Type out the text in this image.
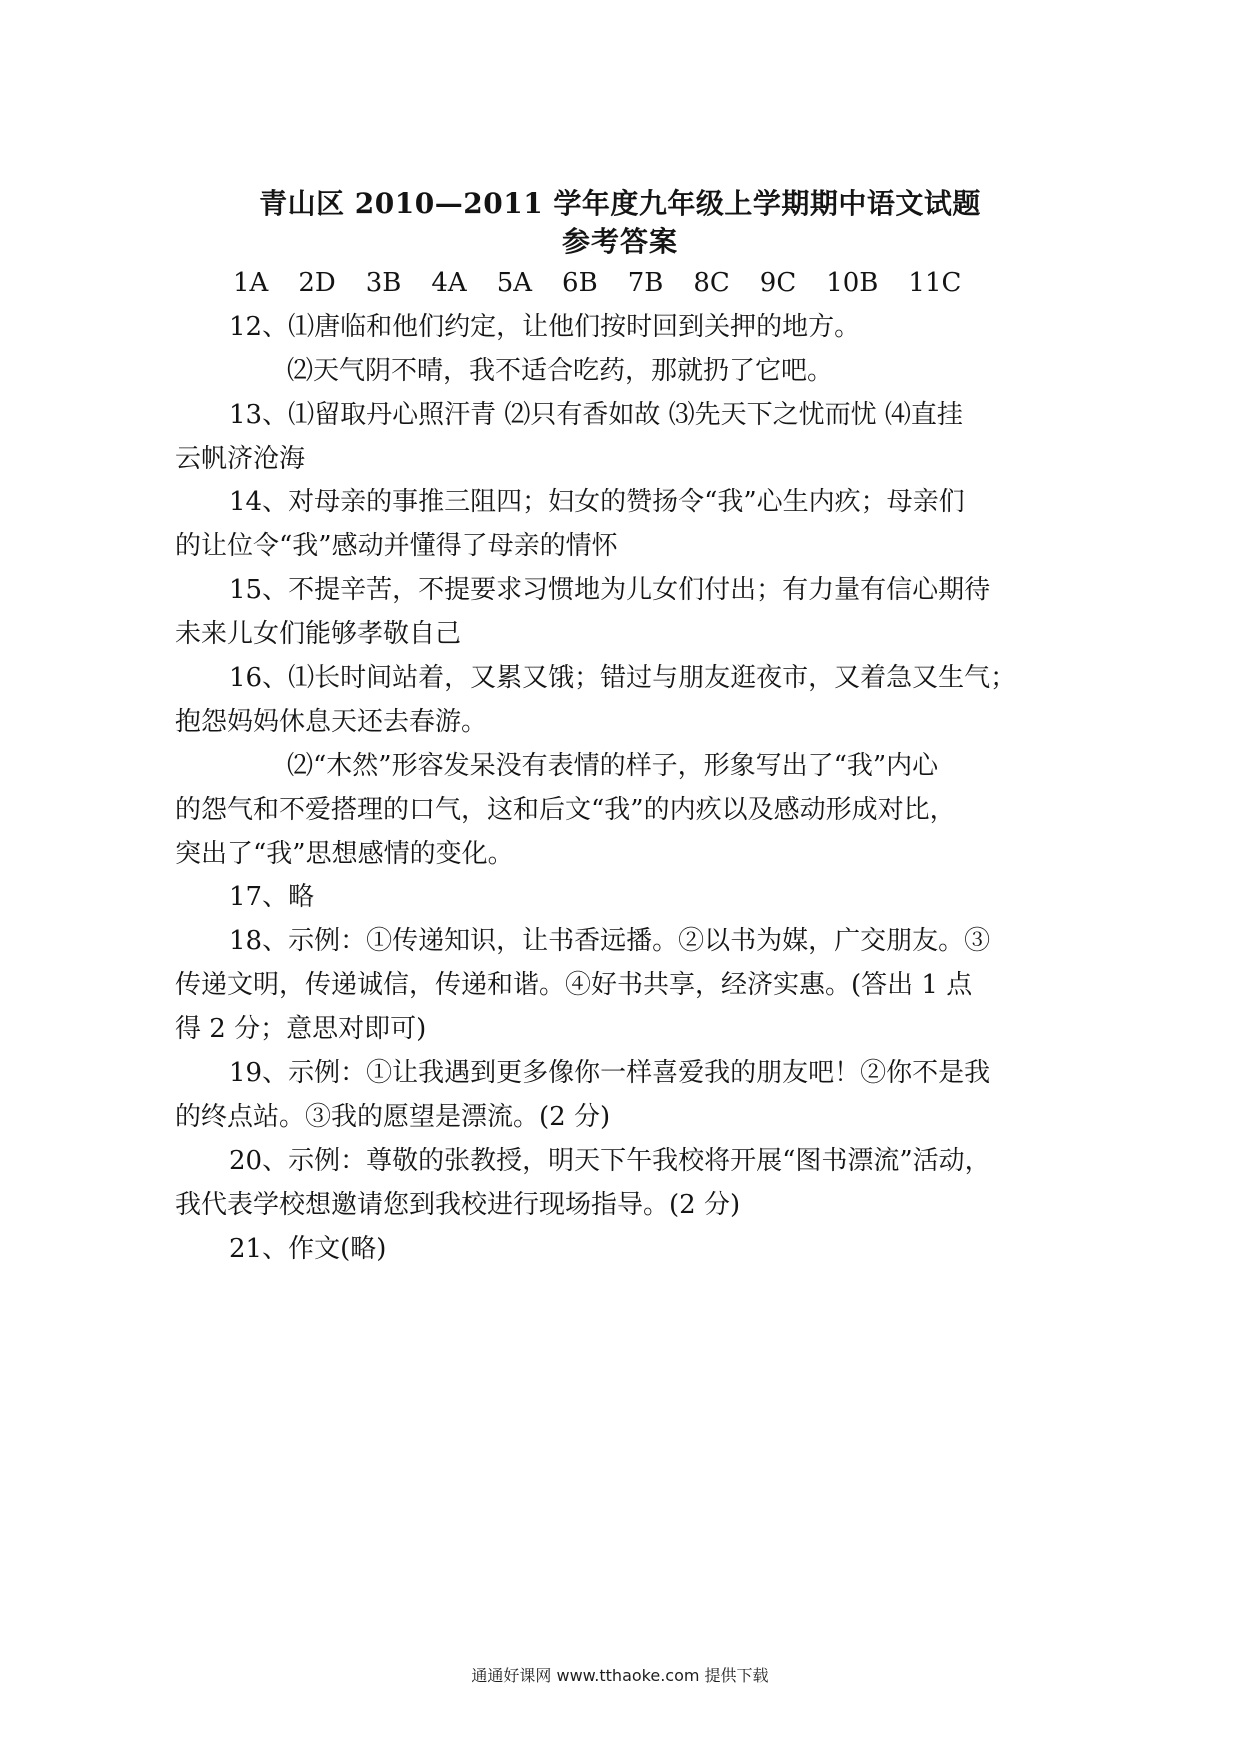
青山区 2010—2011 学年度九年级上学期期中语文试题
参考答案
1A 2D 3B 4A 5A 6B 7B 8C 9C 10B 11C
12、⑴唐临和他们约定，让他们按时回到关押的地方。
⑵天气阴不晴，我不适合吃药，那就扔了它吧。
13、⑴留取丹心照汗青 ⑵只有香如故 ⑶先天下之忧而忧 ⑷直挂
云帆济沧海
14、对母亲的事推三阻四；妇女的赞扬令“我”心生内疚；母亲们
的让位令“我”感动并懂得了母亲的情怀
15、不提辛苦，不提要求习惯地为儿女们付出；有力量有信心期待
未来儿女们能够孝敬自己
16、⑴长时间站着，又累又饿；错过与朋友逛夜市，又着急又生气；
抱怨妈妈休息天还去春游。
⑵“木然”形容发呆没有表情的样子，形象写出了“我”内心
的怨气和不爱搭理的口气，这和后文“我”的内疚以及感动形成对比，
突出了“我”思想感情的变化。
17、略
18、示例：①传递知识，让书香远播。②以书为媒，广交朋友。③
传递文明，传递诚信，传递和谐。④好书共享，经济实惠。(答出 1 点
得 2 分；意思对即可)
19、示例：①让我遇到更多像你一样喜爱我的朋友吧！②你不是我
的终点站。③我的愿望是漂流。(2 分)
20、示例：尊敬的张教授，明天下午我校将开展“图书漂流”活动，
我代表学校想邀请您到我校进行现场指导。(2 分)
21、作文(略)
通通好课网 www.tthaoke.com 提供下载
